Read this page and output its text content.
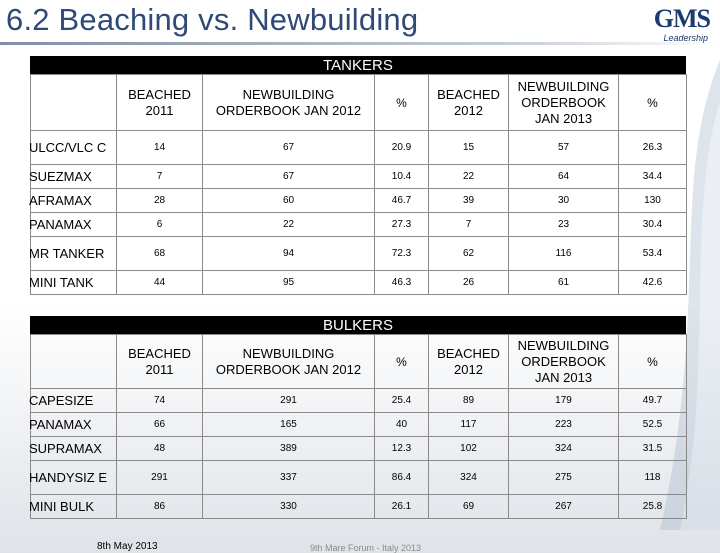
6.2 Beaching vs. Newbuilding	GMS
Leadership
TANKERS
	BEACHED 2011	NEWBUILDING ORDERBOOK JAN 2012	%	BEACHED 2012	NEWBUILDING ORDERBOOK JAN 2013	%
ULCC/VLC C	14	67	20.9	15	57	26.3
SUEZMAX	7	67	10.4	22	64	34.4
AFRAMAX	28	60	46.7	39	30	130
PANAMAX	6	22	27.3	7	23	30.4
MR TANKER	68	94	72.3	62	116	53.4
MINI TANK	44	95	46.3	26	61	42.6
BULKERS
	BEACHED 2011	NEWBUILDING ORDERBOOK JAN 2012	%	BEACHED 2012	NEWBUILDING ORDERBOOK JAN 2013	%
CAPESIZE	74	291	25.4	89	179	49.7
PANAMAX	66	165	40	117	223	52.5
SUPRAMAX	48	389	12.3	102	324	31.5
HANDYSIZ E	291	337	86.4	324	275	118
MINI BULK	86	330	26.1	69	267	25.8
8th May 2013	9th Mare Forum - Italy 2013
